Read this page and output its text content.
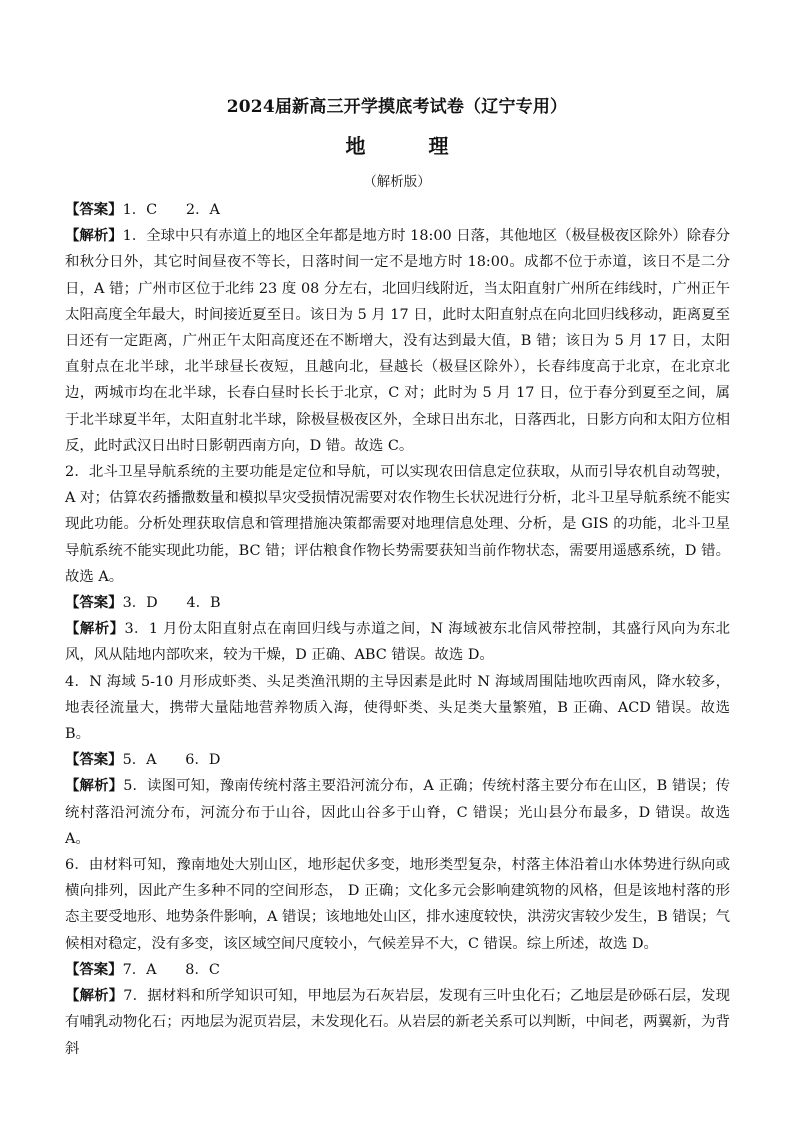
2024届新高三开学摸底考试卷（辽宁专用）
地	理
（解析版）

【答案】1．C　　2．A

【解析】1．全球中只有赤道上的地区全年都是地方时 18:00 日落，其他地区（极昼极夜区除外）除春分和秋分日外，其它时间昼夜不等长，日落时间一定不是地方时 18:00。成都不位于赤道，该日不是二分日，A 错；广州市区位于北纬 23 度 08 分左右，北回归线附近，当太阳直射广州所在纬线时，广州正午太阳高度全年最大，时间接近夏至日。该日为 5 月 17 日，此时太阳直射点在向北回归线移动，距离夏至日还有一定距离，广州正午太阳高度还在不断增大，没有达到最大值，B 错；该日为 5 月 17 日，太阳直射点在北半球，北半球昼长夜短，且越向北，昼越长（极昼区除外），长春纬度高于北京，在北京北边，两城市均在北半球，长春白昼时长长于北京，C 对；此时为 5 月 17 日，位于春分到夏至之间，属于北半球夏半年，太阳直射北半球，除极昼极夜区外，全球日出东北，日落西北，日影方向和太阳方位相反，此时武汉日出时日影朝西南方向，D 错。故选 C。

2．北斗卫星导航系统的主要功能是定位和导航，可以实现农田信息定位获取，从而引导农机自动驾驶，A 对；估算农药播撒数量和模拟旱灾受损情况需要对农作物生长状况进行分析，北斗卫星导航系统不能实现此功能。分析处理获取信息和管理措施决策都需要对地理信息处理、分析，是 GIS 的功能，北斗卫星导航系统不能实现此功能，BC 错；评估粮食作物长势需要获知当前作物状态，需要用遥感系统，D 错。故选 A。

【答案】3．D　　4．B

【解析】3．1 月份太阳直射点在南回归线与赤道之间，N 海域被东北信风带控制，其盛行风向为东北风，风从陆地内部吹来，较为干燥，D 正确、ABC 错误。故选 D。

4．N 海域 5-10 月形成虾类、头足类渔汛期的主导因素是此时 N 海域周围陆地吹西南风，降水较多，地表径流量大，携带大量陆地营养物质入海，使得虾类、头足类大量繁殖，B 正确、ACD 错误。故选 B。

【答案】5．A　　6．D

【解析】5．读图可知，豫南传统村落主要沿河流分布，A 正确；传统村落主要分布在山区，B 错误；传统村落沿河流分布，河流分布于山谷，因此山谷多于山脊，C 错误；光山县分布最多，D 错误。故选 A。

6．由材料可知，豫南地处大别山区，地形起伏多变，地形类型复杂，村落主体沿着山水体势进行纵向或横向排列，因此产生多种不同的空间形态， D 正确；文化多元会影响建筑物的风格，但是该地村落的形态主要受地形、地势条件影响，A 错误；该地地处山区，排水速度较快，洪涝灾害较少发生，B 错误；气候相对稳定，没有多变，该区域空间尺度较小，气候差异不大，C 错误。综上所述，故选 D。

【答案】7．A　　8．C

【解析】7．据材料和所学知识可知，甲地层为石灰岩层，发现有三叶虫化石；乙地层是砂砾石层，发现有哺乳动物化石；丙地层为泥页岩层，未发现化石。从岩层的新老关系可以判断，中间老，两翼新，为背斜
